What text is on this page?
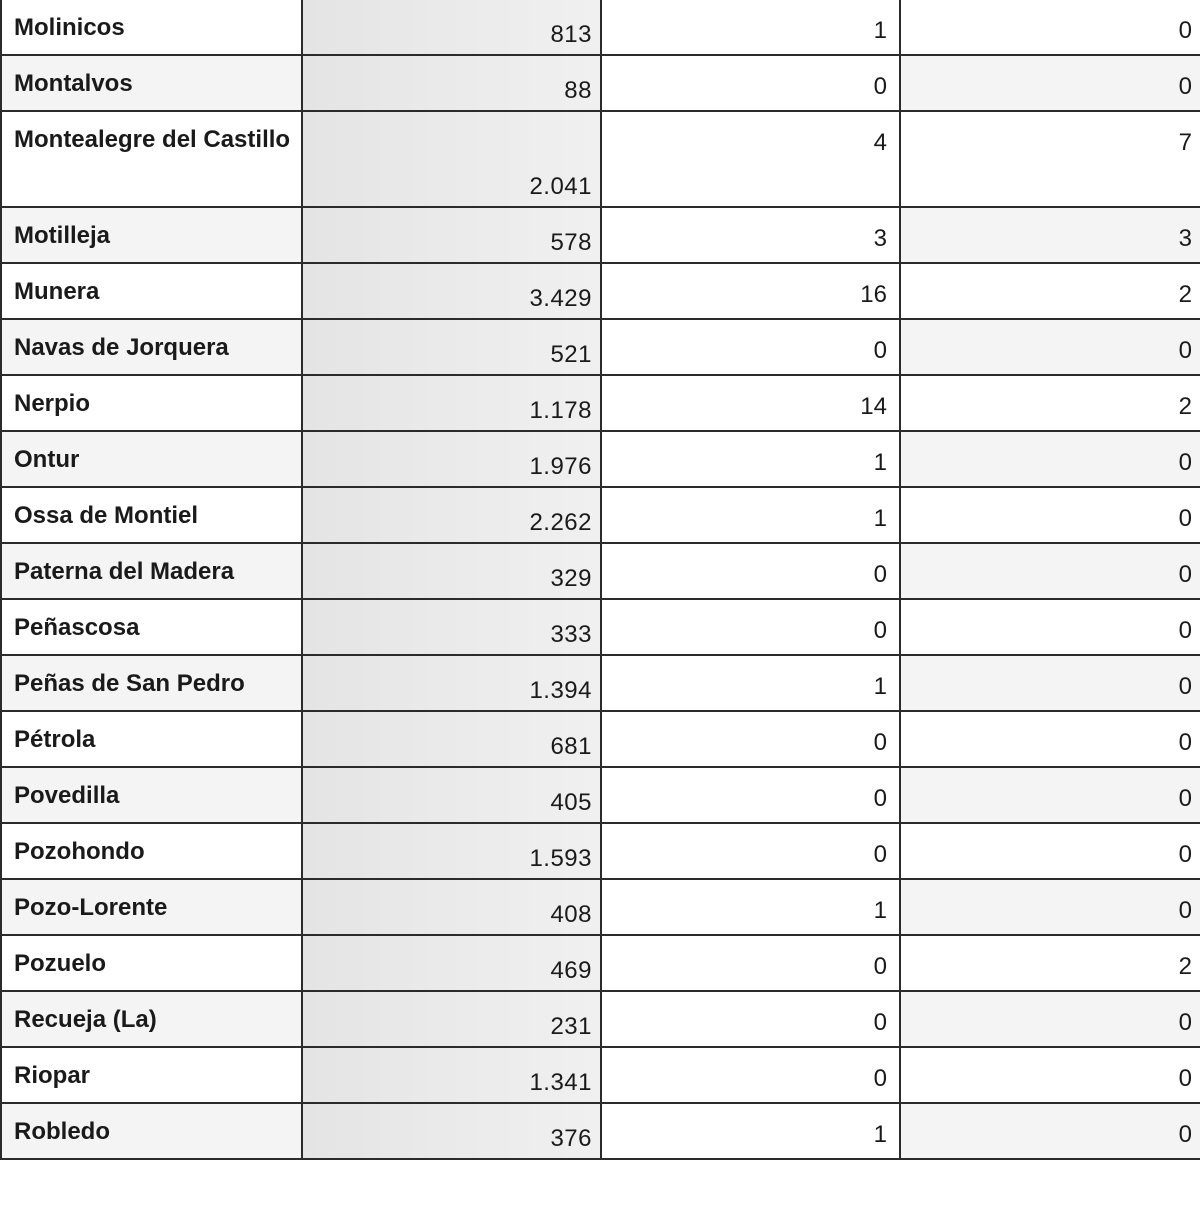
Molinicos	813	1	0
Montalvos	88	0	0
Montealegre del Castillo	2.041	4	7
Motilleja	578	3	3
Munera	3.429	16	2
Navas de Jorquera	521	0	0
Nerpio	1.178	14	2
Ontur	1.976	1	0
Ossa de Montiel	2.262	1	0
Paterna del Madera	329	0	0
Peñascosa	333	0	0
Peñas de San Pedro	1.394	1	0
Pétrola	681	0	0
Povedilla	405	0	0
Pozohondo	1.593	0	0
Pozo-Lorente	408	1	0
Pozuelo	469	0	2
Recueja (La)	231	0	0
Riopar	1.341	0	0
Robledo	376	1	0
